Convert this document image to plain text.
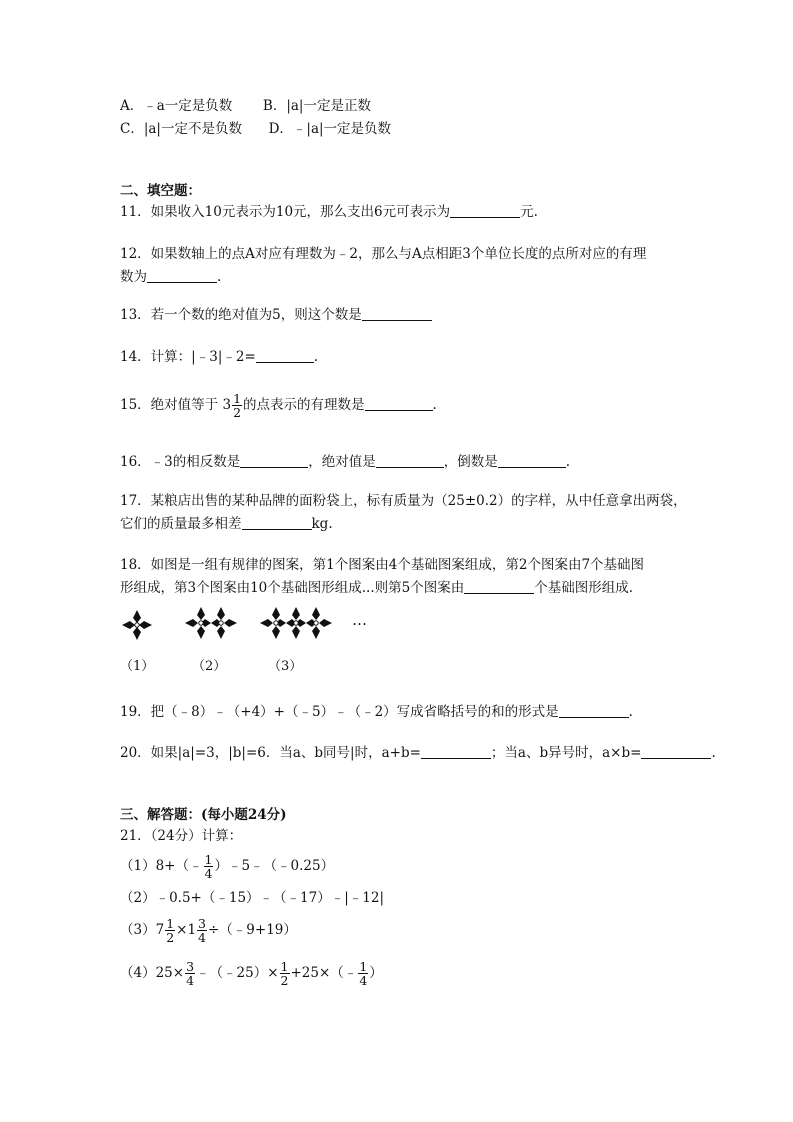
A．﹣a一定是负数 B．|a|一定是正数
C．|a|一定不是负数 D．﹣|a|一定是负数
二、填空题：
11．如果收入10元表示为10元，那么支出6元可表示为	元.
12．如果数轴上的点A对应有理数为﹣2，那么与A点相距3个单位长度的点所对应的有理
数为	.
13．若一个数的绝对值为5，则这个数是
14．计算：|﹣3|﹣2=	.
15．绝对值等于 $3 \frac{1}{2}$ 的点表示的有理数是	.
16．﹣3的相反数是	，绝对值是	，倒数是	.
17．某粮店出售的某种品牌的面粉袋上，标有质量为（25±0.2）的字样，从中任意拿出两袋，
它们的质量最多相差	kg.
18．如图是一组有规律的图案，第1个图案由4个基础图案组成，第2个图案由7个基础图
形组成，第3个图案由10个基础图形组成...则第5个图案由	个基础图形组成.
…
（1）	（2）	（3）
19．把（﹣8）﹣（+4）+（﹣5）﹣（﹣2）写成省略括号的和的形式是	.
20．如果|a|=3，|b|=6．当a、b同号|时，a+b=	；当a、b异号时，a×b=	.
三、解答题：(每小题24分)
21．（24分）计算：
（1）8+（﹣ $\frac{1}{4}$ ）﹣5﹣（﹣0.25）
（2）﹣0.5+（﹣15）﹣（﹣17）﹣|﹣12|
$(3)7 \frac{1}{2} \times 1 \frac{3}{4}$ ÷（﹣9+19）
$(4)25\times \frac{3}{4}$ ﹣（﹣25）× $\frac{1}{2}$ +25×（﹣ $\frac{1}{4}$ ）
